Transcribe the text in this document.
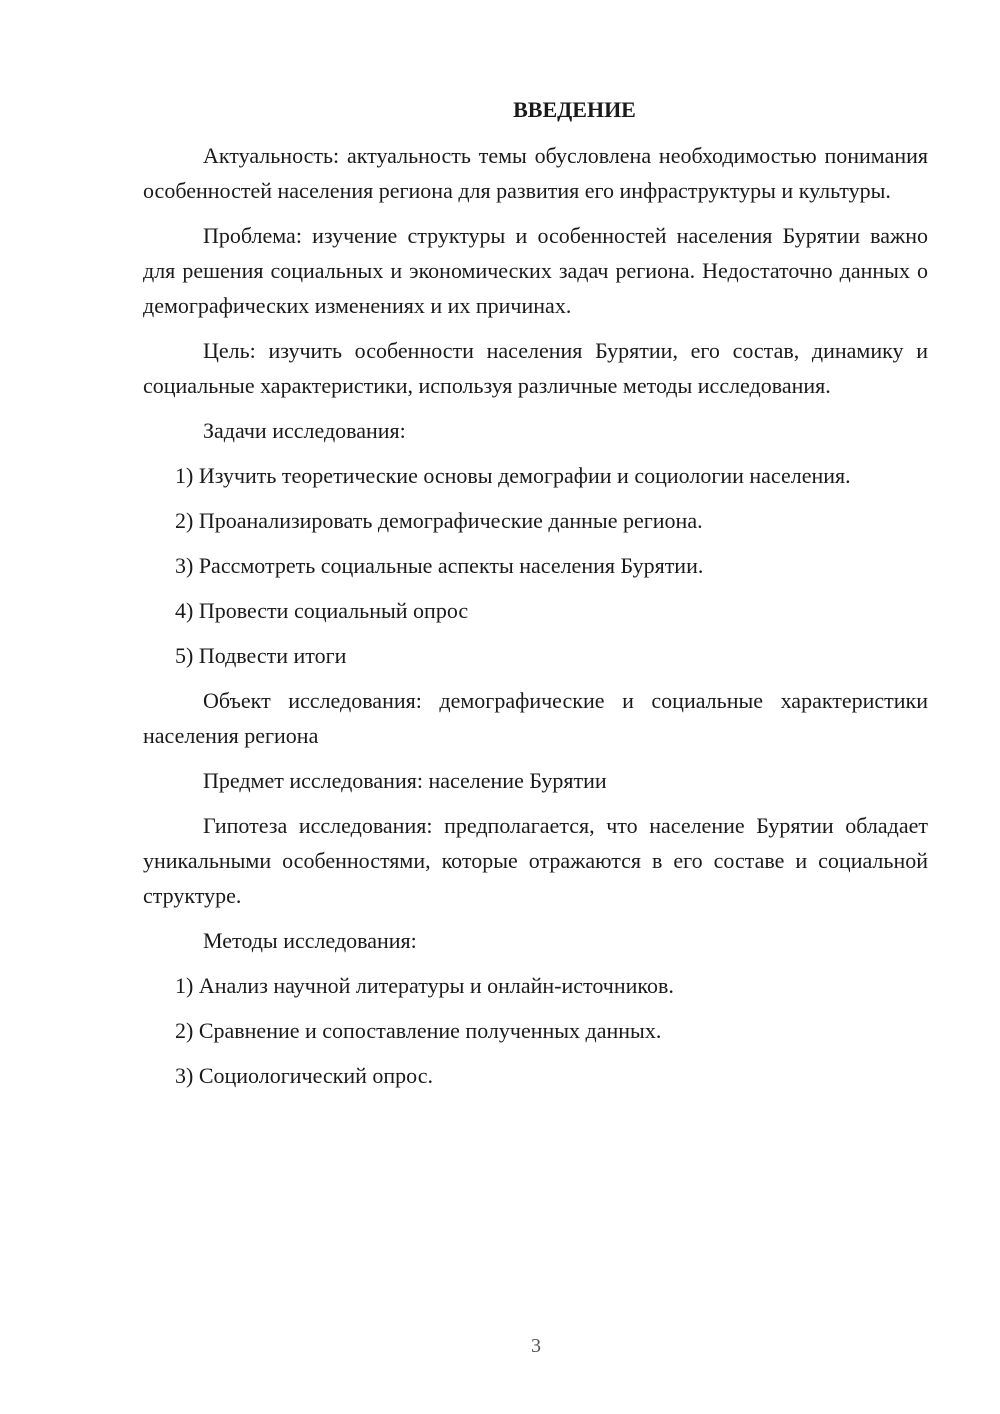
ВВЕДЕНИЕ
Актуальность: актуальность темы обусловлена необходимостью понимания особенностей населения региона для развития его инфраструктуры и культуры.
Проблема: изучение структуры и особенностей населения Бурятии важно для решения социальных и экономических задач региона. Недостаточно данных о демографических изменениях и их причинах.
Цель: изучить особенности населения Бурятии, его состав, динамику и социальные характеристики, используя различные методы исследования.
Задачи исследования:
1) Изучить теоретические основы демографии и социологии населения.
2) Проанализировать демографические данные региона.
3) Рассмотреть социальные аспекты населения Бурятии.
4) Провести социальный опрос
5) Подвести итоги
Объект исследования: демографические и социальные характеристики населения региона
Предмет исследования: население Бурятии
Гипотеза исследования: предполагается, что население Бурятии обладает уникальными особенностями, которые отражаются в его составе и социальной структуре.
Методы исследования:
1) Анализ научной литературы и онлайн-источников.
2) Сравнение и сопоставление полученных данных.
3) Социологический опрос.
3
